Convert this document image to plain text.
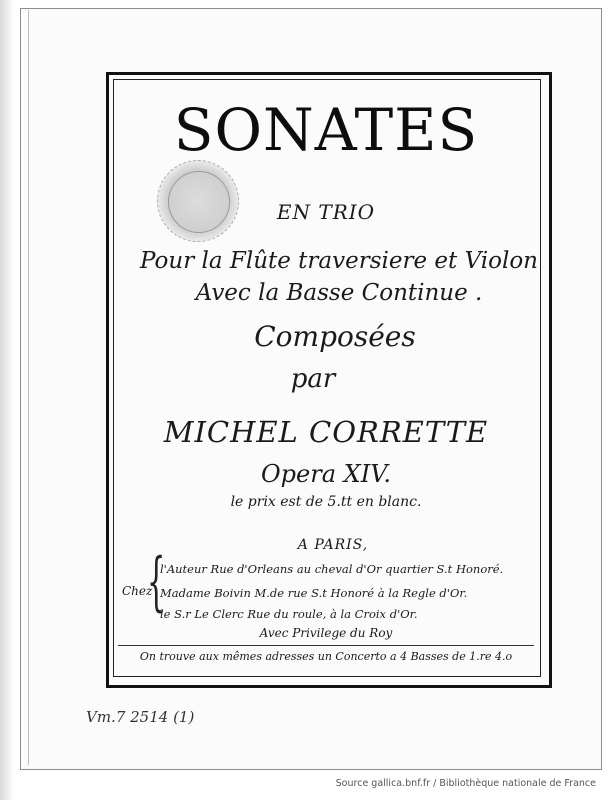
SONATES
EN TRIO
Pour la Flûte traversiere et Violon
Avec la Basse Continue .
Composées
par
MICHEL CORRETTE
Opera XIV.
le prix est de 5.tt en blanc.
A PARIS,
Chez
{
l'Auteur Rue d'Orleans au cheval d'Or quartier S.t Honoré.
Madame Boivin M.de rue S.t Honoré à la Regle d'Or.
le S.r Le Clerc Rue du roule, à la Croix d'Or.
Avec Privilege du Roy
On trouve aux mêmes adresses un Concerto a 4 Basses de 1.re 4.o
Vm.7 2514 (1)
Source gallica.bnf.fr / Bibliothèque nationale de France
